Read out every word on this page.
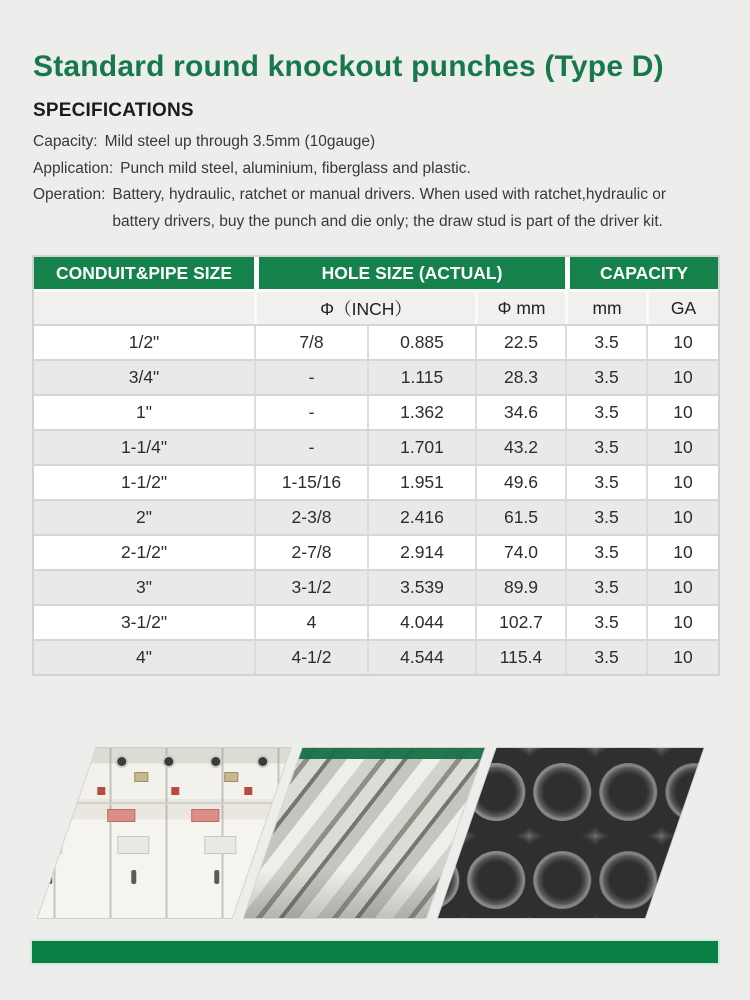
Standard round knockout punches (Type D)
SPECIFICATIONS
Capacity: Mild steel up through 3.5mm (10gauge)
Application: Punch mild steel, aluminium, fiberglass and plastic.
Operation: Battery, hydraulic, ratchet or manual drivers. When used with ratchet,hydraulic or
battery drivers, buy the punch and die only; the draw stud is part of the driver kit.
CONDUIT&PIPE SIZE	HOLE SIZE (ACTUAL)			CAPACITY	
	Φ（INCH）		Φ mm	mm	GA
1/2"	7/8	0.885	22.5	3.5	10
3/4"	-	1.115	28.3	3.5	10
1"	-	1.362	34.6	3.5	10
1-1/4"	-	1.701	43.2	3.5	10
1-1/2"	1-15/16	1.951	49.6	3.5	10
2"	2-3/8	2.416	61.5	3.5	10
2-1/2"	2-7/8	2.914	74.0	3.5	10
3"	3-1/2	3.539	89.9	3.5	10
3-1/2"	4	4.044	102.7	3.5	10
4"	4-1/2	4.544	115.4	3.5	10
